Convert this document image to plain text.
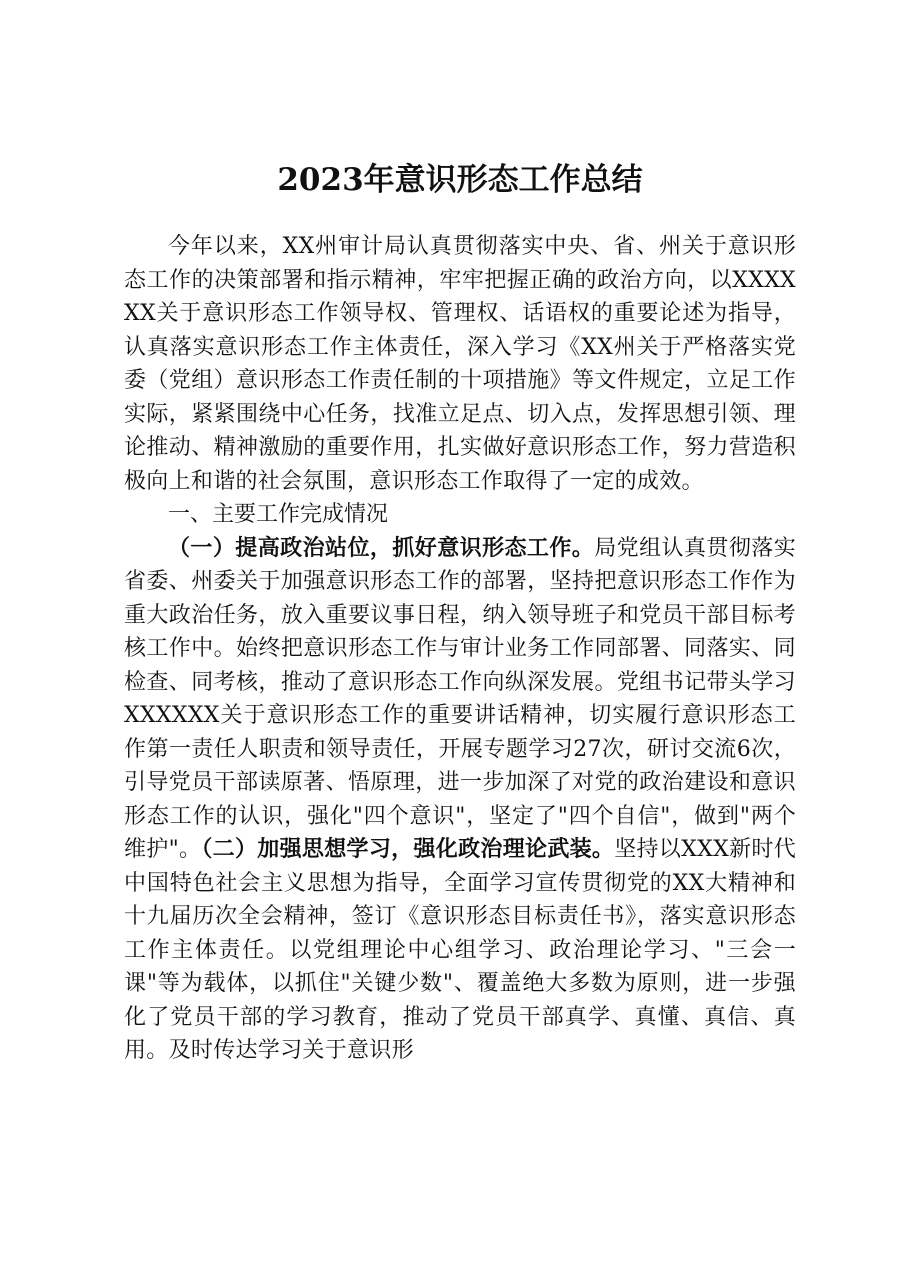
2023年意识形态工作总结

今年以来，XX州审计局认真贯彻落实中央、省、州关于意识形态工作的决策部署和指示精神，牢牢把握正确的政治方向，以XXXXXX关于意识形态工作领导权、管理权、话语权的重要论述为指导，认真落实意识形态工作主体责任，深入学习《XX州关于严格落实党委（党组）意识形态工作责任制的十项措施》等文件规定，立足工作实际，紧紧围绕中心任务，找准立足点、切入点，发挥思想引领、理论推动、精神激励的重要作用，扎实做好意识形态工作，努力营造积极向上和谐的社会氛围，意识形态工作取得了一定的成效。

一、主要工作完成情况

（一）提高政治站位，抓好意识形态工作。局党组认真贯彻落实省委、州委关于加强意识形态工作的部署，坚持把意识形态工作作为重大政治任务，放入重要议事日程，纳入领导班子和党员干部目标考核工作中。始终把意识形态工作与审计业务工作同部署、同落实、同检查、同考核，推动了意识形态工作向纵深发展。党组书记带头学习XXXXXX关于意识形态工作的重要讲话精神，切实履行意识形态工作第一责任人职责和领导责任，开展专题学习27次，研讨交流6次，引导党员干部读原著、悟原理，进一步加深了对党的政治建设和意识形态工作的认识，强化"四个意识"，坚定了"四个自信"，做到"两个维护"。（二）加强思想学习，强化政治理论武装。坚持以XXX新时代中国特色社会主义思想为指导，全面学习宣传贯彻党的XX大精神和十九届历次全会精神，签订《意识形态目标责任书》，落实意识形态工作主体责任。以党组理论中心组学习、政治理论学习、"三会一课"等为载体，以抓住"关键少数"、覆盖绝大多数为原则，进一步强化了党员干部的学习教育，推动了党员干部真学、真懂、真信、真用。及时传达学习关于意识形
